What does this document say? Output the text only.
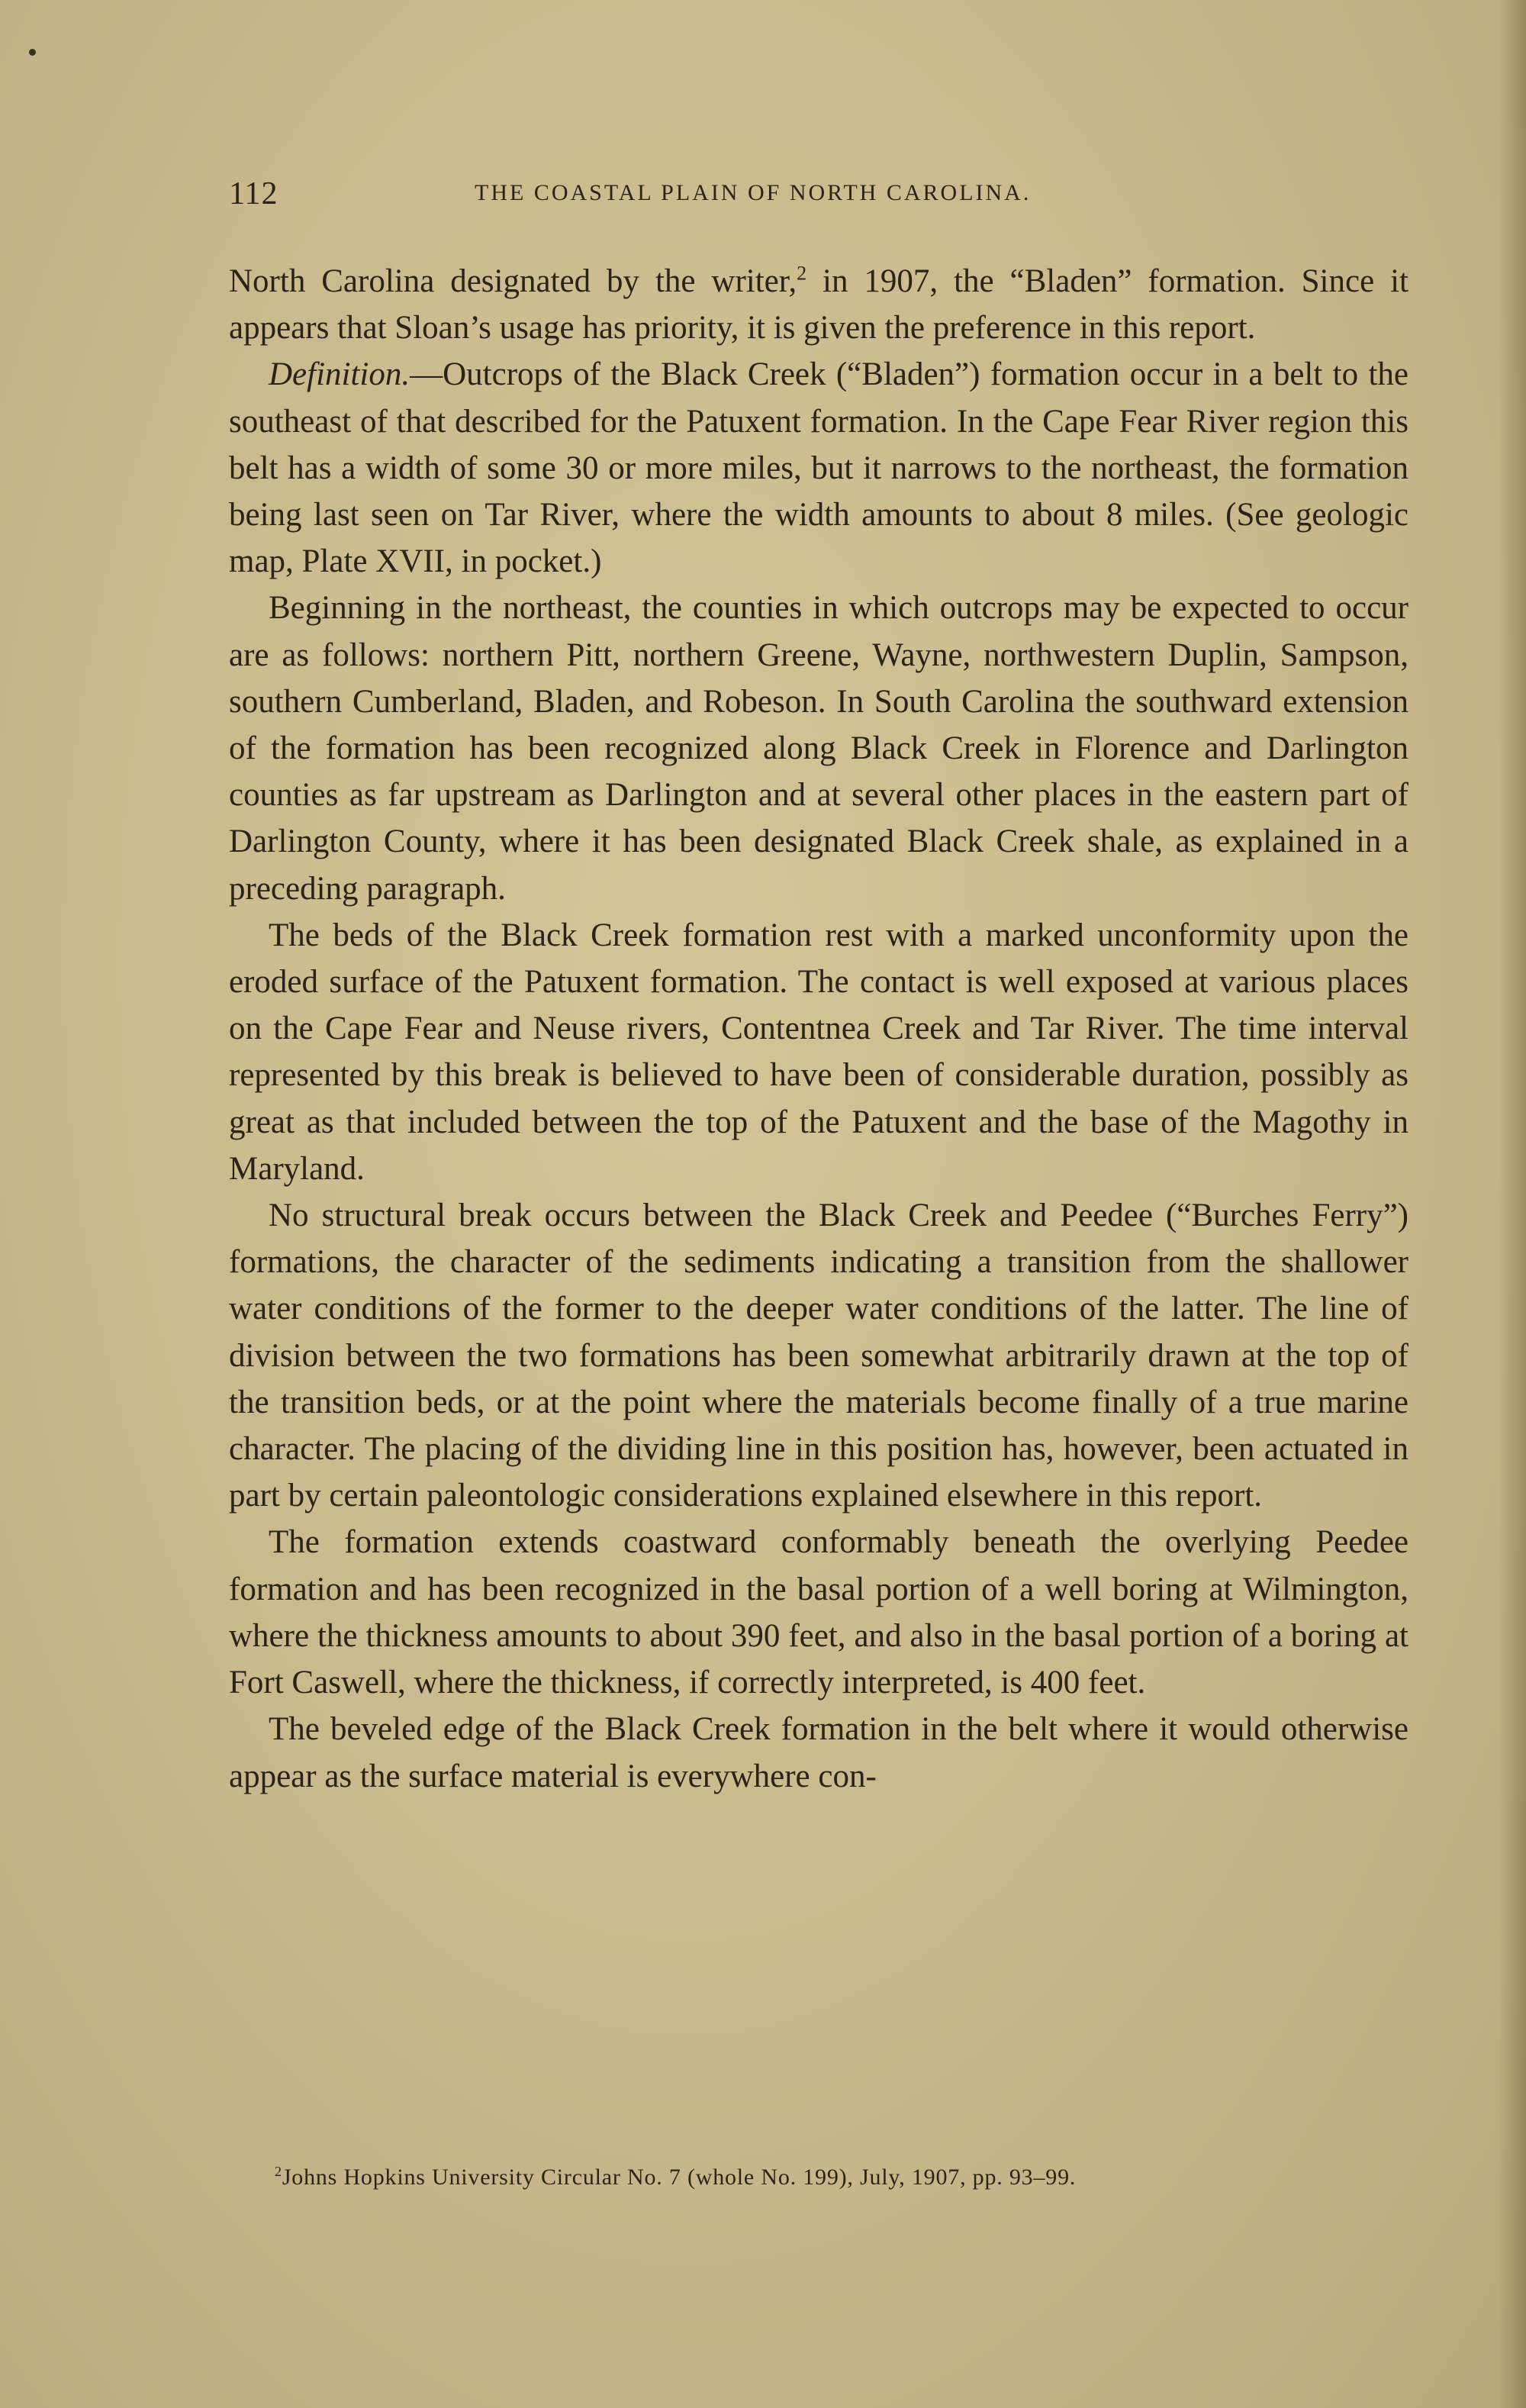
112	THE COASTAL PLAIN OF NORTH CAROLINA.

North Carolina designated by the writer,$^2$ in 1907, the “Bladen” formation. Since it appears that Sloan’s usage has priority, it is given the preference in this report.

Definition.—Outcrops of the Black Creek (“Bladen”) formation occur in a belt to the southeast of that described for the Patuxent formation. In the Cape Fear River region this belt has a width of some 30 or more miles, but it narrows to the northeast, the formation being last seen on Tar River, where the width amounts to about 8 miles. (See geologic map, Plate XVII, in pocket.)

Beginning in the northeast, the counties in which outcrops may be expected to occur are as follows: northern Pitt, northern Greene, Wayne, northwestern Duplin, Sampson, southern Cumberland, Bladen, and Robeson. In South Carolina the southward extension of the formation has been recognized along Black Creek in Florence and Darlington counties as far upstream as Darlington and at several other places in the eastern part of Darlington County, where it has been designated Black Creek shale, as explained in a preceding paragraph.

The beds of the Black Creek formation rest with a marked unconformity upon the eroded surface of the Patuxent formation. The contact is well exposed at various places on the Cape Fear and Neuse rivers, Contentnea Creek and Tar River. The time interval represented by this break is believed to have been of considerable duration, possibly as great as that included between the top of the Patuxent and the base of the Magothy in Maryland.

No structural break occurs between the Black Creek and Peedee (“Burches Ferry”) formations, the character of the sediments indicating a transition from the shallower water conditions of the former to the deeper water conditions of the latter. The line of division between the two formations has been somewhat arbitrarily drawn at the top of the transition beds, or at the point where the materials become finally of a true marine character. The placing of the dividing line in this position has, however, been actuated in part by certain paleontologic considerations explained elsewhere in this report.

The formation extends coastward conformably beneath the overlying Peedee formation and has been recognized in the basal portion of a well boring at Wilmington, where the thickness amounts to about 390 feet, and also in the basal portion of a boring at Fort Caswell, where the thickness, if correctly interpreted, is 400 feet.

The beveled edge of the Black Creek formation in the belt where it would otherwise appear as the surface material is everywhere con-

$^2$Johns Hopkins University Circular No. 7 (whole No. 199), July, 1907, pp. 93–99.
